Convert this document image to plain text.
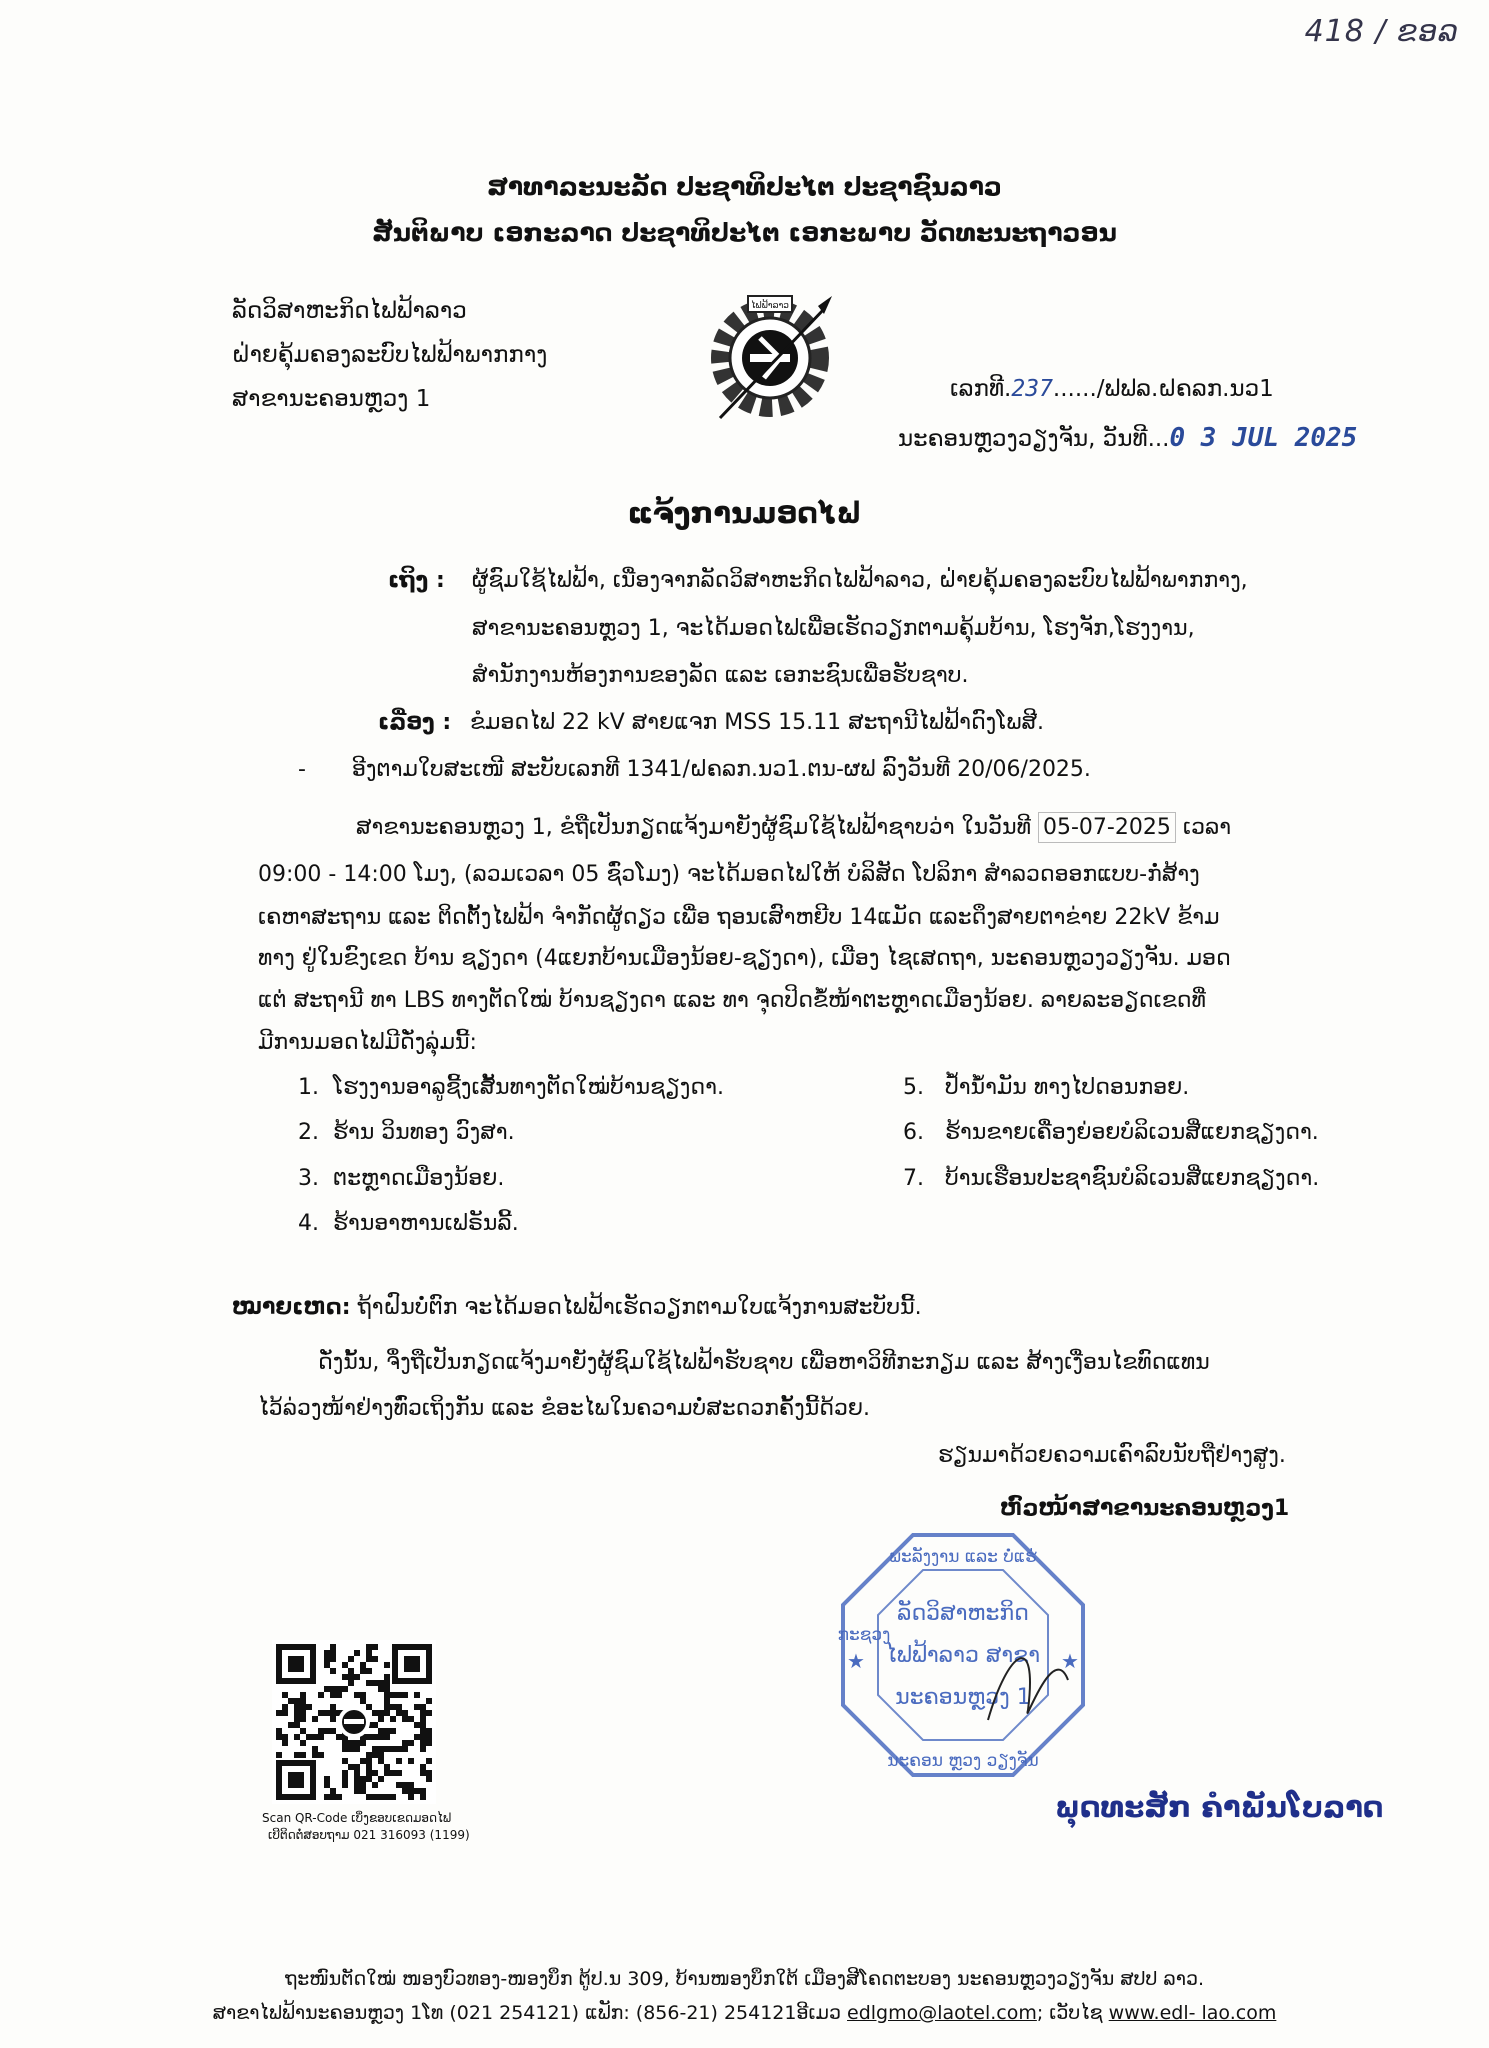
418 / ຂອລ
ສາທາລະນະລັດ ປະຊາທິປະໄຕ ປະຊາຊົນລາວ
ສັນຕິພາບ ເອກະລາດ ປະຊາທິປະໄຕ ເອກະພາບ ວັດທະນະຖາວອນ
ລັດວິສາຫະກິດໄຟຟ້າລາວ
ຝ່າຍຄຸ້ມຄອງລະບົບໄຟຟ້າພາກກາງ
ສາຂານະຄອນຫຼວງ 1
ໄຟຟ້າລາວ
ເລກທີ.237....../ຟຟລ.ຝຄລກ.ນວ1
ນະຄອນຫຼວງວຽງຈັນ, ວັນທີ...0 3 JUL 2025
ແຈ້ງການມອດໄຟ
ເຖິງ : ຜູ້ຊົມໃຊ້ໄຟຟ້າ, ເນື່ອງຈາກລັດວິສາຫະກິດໄຟຟ້າລາວ, ຝ່າຍຄຸ້ມຄອງລະບົບໄຟຟ້າພາກກາງ,
ສາຂານະຄອນຫຼວງ 1, ຈະໄດ້ມອດໄຟເພື່ອເຮັດວຽກຕາມຄຸ້ມບ້ານ, ໂຮງຈັກ,ໂຮງງານ,
ສຳນັກງານຫ້ອງການຂອງລັດ ແລະ ເອກະຊົນເພື່ອຮັບຊາບ.
ເລື່ອງ : ຂໍມອດໄຟ 22 kV ສາຍແຈກ MSS 15.11 ສະຖານີໄຟຟ້າດົງໂພສີ.
- ອີງຕາມໃບສະເໜີ ສະບັບເລກທີ 1341/ຝຄລກ.ນວ1.ຕນ-ຜຟ ລົງວັນທີ 20/06/2025.
ສາຂານະຄອນຫຼວງ 1, ຂໍຖືເປັນກຽດແຈ້ງມາຍັງຜູ້ຊົມໃຊ້ໄຟຟ້າຊາບວ່າ ໃນວັນທີ 05-07-2025 ເວລາ
09:00 - 14:00 ໂມງ, (ລວມເວລາ 05 ຊົ່ວໂມງ) ຈະໄດ້ມອດໄຟໃຫ້ ບໍລິສັດ ໂປລິກາ ສຳລວດອອກແບບ-ກໍ່ສ້າງ
ເຄຫາສະຖານ ແລະ ຕິດຕັ້ງໄຟຟ້າ ຈຳກັດຜູ້ດຽວ ເພື່ອ ຖອນເສົາຫຍີບ 14ແມັດ ແລະດຶງສາຍຕາຂ່າຍ 22kV ຂ້າມ
ທາງ ຢູ່ໃນຂົງເຂດ ບ້ານ ຊຽງດາ (4ແຍກບ້ານເມືອງນ້ອຍ-ຊຽງດາ), ເມືອງ ໄຊເສດຖາ, ນະຄອນຫຼວງວຽງຈັນ. ມອດ
ແຕ່ ສະຖານີ ທາ LBS ທາງຕັດໃໝ່ ບ້ານຊຽງດາ ແລະ ທາ ຈຸດປິດຂໍ້ໜ້າຕະຫຼາດເມືອງນ້ອຍ. ລາຍລະອຽດເຂດທີ່
ມີການມອດໄຟມີດັ່ງລຸ່ມນີ້:
1. ໂຮງງານອາລູຊີ້ງເສັ້ນທາງຕັດໃໝ່ບ້ານຊຽງດາ.
2. ຮ້ານ ວິນທອງ ວົງສາ.
3. ຕະຫຼາດເມືອງນ້ອຍ.
4. ຮ້ານອາຫານເຟຣັນລີ້.
5. ປ້ຳນ້ຳມັນ ທາງໄປດອນກອຍ.
6. ຮ້ານຂາຍເຄື່ອງຍ່ອຍບໍລິເວນສີ່ແຍກຊຽງດາ.
7. ບ້ານເຮືອນປະຊາຊົນບໍລິເວນສີ່ແຍກຊຽງດາ.
ໝາຍເຫດ: ຖ້າຝົນບໍ່ຕົກ ຈະໄດ້ມອດໄຟຟ້າເຮັດວຽກຕາມໃບແຈ້ງການສະບັບນີ້.
ດັ່ງນັ້ນ, ຈຶ່ງຖືເປັນກຽດແຈ້ງມາຍັງຜູ້ຊົມໃຊ້ໄຟຟ້າຮັບຊາບ ເພື່ອຫາວິທີກະກຽມ ແລະ ສ້າງເງື່ອນໄຂທົດແທນ
ໄວ້ລ່ວງໜ້າຢ່າງທົ່ວເຖິງກັນ ແລະ ຂໍອະໄພໃນຄວາມບໍ່ສະດວກຄັ້ງນີ້ດ້ວຍ.
ຮຽນມາດ້ວຍຄວາມເຄົາລົບນັບຖືຢ່າງສູງ.
ຫົວໜ້າສາຂານະຄອນຫຼວງ1
ພະລັງງານ ແລະ ບໍ່ແຮ່
ລັດວິສາຫະກິດ
ໄຟຟ້າລາວ ສາຂາ
ນະຄອນຫຼວງ 1
ນະຄອນ ຫຼວງ ວຽງຈັນ
ກະຊວງ
★	★
ພຸດທະສັກ ຄຳພັນໂບລາດ
Scan QR-Code ເບິ່ງຂອບເຂດມອດໄຟ
ເບີຕິດຕໍ່ສອບຖາມ 021 316093 (1199)
ຖະໜົນຕັດໃໝ່ ໜອງບົວທອງ-ໜອງບຶກ ຕູ້ປ.ນ 309, ບ້ານໜອງບຶກໃຕ້ ເມືອງສີໂຄດຕະບອງ ນະຄອນຫຼວງວຽງຈັນ ສປປ ລາວ.
ສາຂາໄຟຟ້ານະຄອນຫຼວງ 1ໂທ (021 254121) ແຟັກ: (856-21) 254121ອີເມວ edlgmo@laotel.com; ເວັບໄຊ www.edl- lao.com
